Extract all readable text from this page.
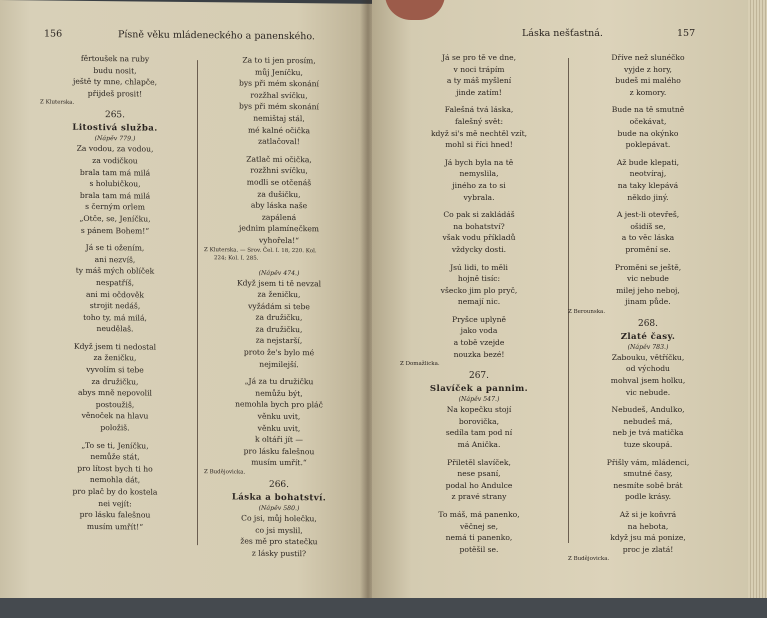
156	Písně věku mládeneckého a panenského.
fěrtoušek na ruby
budu nosit,
ještě ty mne, chlapče,
přijdeš prosit!
Z Kluterska.
265.
Litostivá služba.
(Nápěv 779.)
Za vodou, za vodou,
za vodičkou
brala tam má milá
s holubičkou,
brala tam má milá
s černým orlem
„Otče, se, Jeníčku,
s pánem Bohem!“
Já se ti ožením,
ani nezvíš,
ty máš mých oblíček
nespatříš,
ani mi očdověk
strojit nedáš,
toho ty, má milá,
neudělaš.
Když jsem ti nedostal
za ženičku,
vyvolím si tebe
za družičku,
abys mně nepovolil
postoužiš,
věnoček na hlavu
položiš.
„To se ti, Jeníčku,
nemůže stát,
pro lítost bych ti ho
nemohla dát,
pro plač by do kostela
nei vejít:
pro lásku falešnou
musím umřít!“
Za to ti jen prosím,
můj Jeníčku,
bys při mém skonání
rozžhal svíčku,
bys při mém skonání
nemištaj stál,
mé kalné očička
zatlačoval!
Zatlač mi očička,
rozžhni svíčku,
modli se otčenáš
za dušičku,
aby láska naše
zapálená
jednim plamínečkem
vyhořela!“
Z Kluterska. — Srov. Čel. I. 18, 220. Kol.
224; Kol. I. 285.
(Nápěv 474.)
Když jsem ti tě nevzal
za ženičku,
vyžádám si tebe
za družičku,
za družičku,
za nejstarší,
proto že's bylo mé
nejmilejší.
„Já za tu družičku
nemůžu být,
nemohla bych pro pláč
věnku uvit,
věnku uvit,
k oltáři jít —
pro lásku falešnou
musím umřít.“
Z Budějovicka.
266.
Láska a bohatství.
(Nápěv 580.)
Co jsi, můj holečku,
co jsi myslil,
žes mě pro statečku
z lásky pustil?
Láska nešťastná.	157
Já se pro tě ve dne,
v noci trápím
a ty máš myšlení
jinde zatím!
Falešná tvá láska,
falešný svět:
když si's mě nechtěl vzít,
mohl si říci hned!
Já bych byla na tě
nemyslila,
jiného za to si
vybrala.
Co pak si zakládáš
na bohatství?
však vodu příkladů
vždycky dosti.
Jsú lidi, to měli
hojně tisíc:
všecko jim plo pryč,
nemají nic.
Pryšce uplyně
jako voda
a tobě vzejde
nouzka bezé!
Z Domažlicka.
267.
Slavíček a pannim.
(Nápěv 547.)
Na kopečku stojí
borovička,
sedíla tam pod ní
má Anička.
Přiletěl slavíček,
nese psaní,
podal ho Andulce
z pravé strany
To máš, má panenko,
věčnej se,
nemá ti panenko,
potěšil se.
Dříve než slunéčko
vyjde z hory,
budeš mi malého
z komory.
Bude na tě smutně
očekávat,
bude na okýnko
poklepávat.
Až bude klepati,
neotvíraj,
na taky klepává
někdo jiný.
A jest-li otevřeš,
ošidíš se,
a to věc láska
promění se.
Proměni se ještě,
vic nebude
milej jeho neboj,
jinam půde.
Z Berounska.
268.
Zlaté časy.
(Nápěv 783.)
Zabouku, větříčku,
od východu
mohval jsem holku,
vic nebude.
Nebudeš, Andulko,
nebudeš má,
neb je tvá matička
tuze skoupá.
Přišly vám, mládenci,
smutné časy,
nesmíte sobě brát
podle krásy.
Až si je koňvrá
na hebota,
když jsu má ponize,
proc je zlatá!
Z Budějovicka.
